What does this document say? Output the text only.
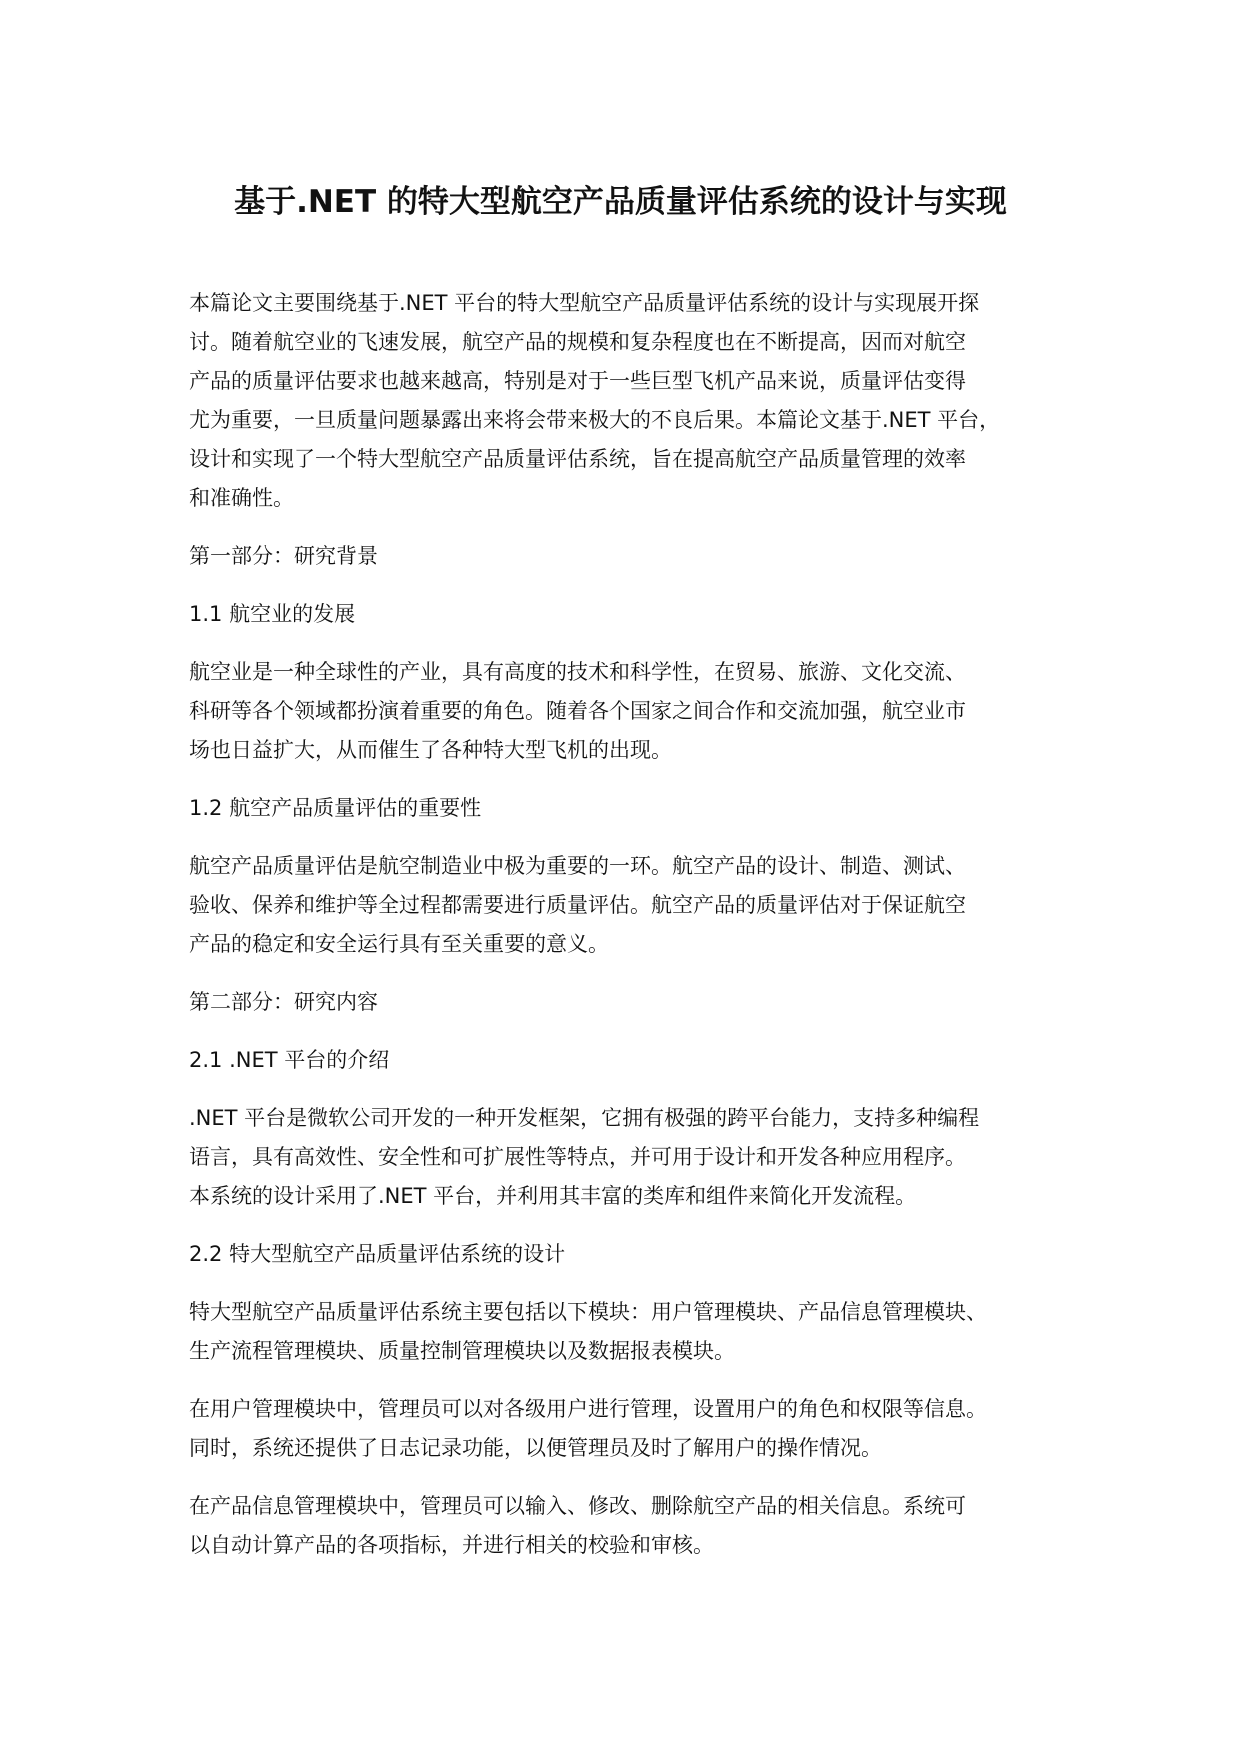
基于.NET 的特大型航空产品质量评估系统的设计与实现

本篇论文主要围绕基于.NET 平台的特大型航空产品质量评估系统的设计与实现展开探
讨。随着航空业的飞速发展，航空产品的规模和复杂程度也在不断提高，因而对航空
产品的质量评估要求也越来越高，特别是对于一些巨型飞机产品来说，质量评估变得
尤为重要，一旦质量问题暴露出来将会带来极大的不良后果。本篇论文基于.NET 平台，
设计和实现了一个特大型航空产品质量评估系统，旨在提高航空产品质量管理的效率
和准确性。

第一部分：研究背景

1.1 航空业的发展

航空业是一种全球性的产业，具有高度的技术和科学性，在贸易、旅游、文化交流、
科研等各个领域都扮演着重要的角色。随着各个国家之间合作和交流加强，航空业市
场也日益扩大，从而催生了各种特大型飞机的出现。

1.2 航空产品质量评估的重要性

航空产品质量评估是航空制造业中极为重要的一环。航空产品的设计、制造、测试、
验收、保养和维护等全过程都需要进行质量评估。航空产品的质量评估对于保证航空
产品的稳定和安全运行具有至关重要的意义。

第二部分：研究内容

2.1 .NET 平台的介绍

.NET 平台是微软公司开发的一种开发框架，它拥有极强的跨平台能力，支持多种编程
语言，具有高效性、安全性和可扩展性等特点，并可用于设计和开发各种应用程序。
本系统的设计采用了.NET 平台，并利用其丰富的类库和组件来简化开发流程。

2.2 特大型航空产品质量评估系统的设计

特大型航空产品质量评估系统主要包括以下模块：用户管理模块、产品信息管理模块、
生产流程管理模块、质量控制管理模块以及数据报表模块。

在用户管理模块中，管理员可以对各级用户进行管理，设置用户的角色和权限等信息。
同时，系统还提供了日志记录功能，以便管理员及时了解用户的操作情况。

在产品信息管理模块中，管理员可以输入、修改、删除航空产品的相关信息。系统可
以自动计算产品的各项指标，并进行相关的校验和审核。
